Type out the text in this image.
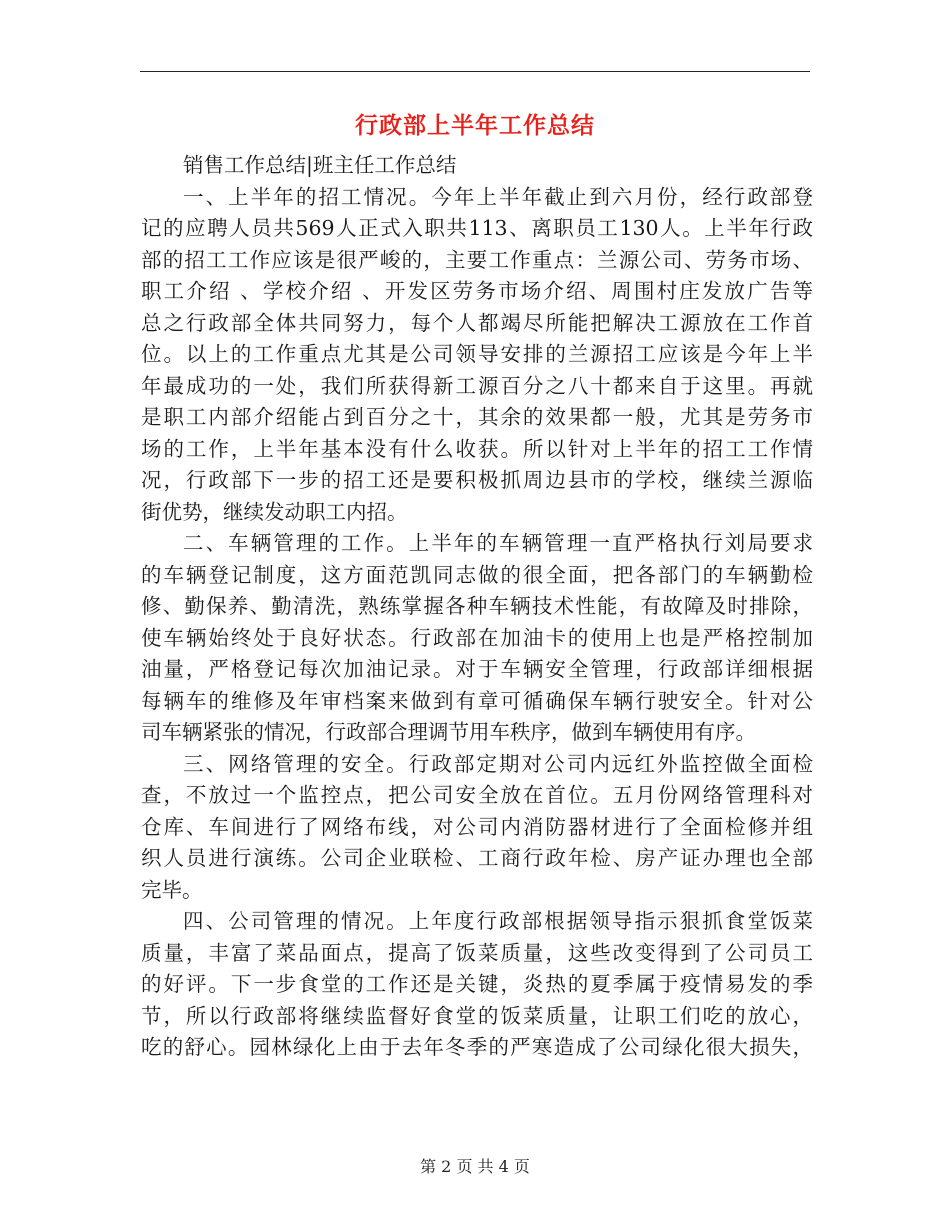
行政部上半年工作总结
销售工作总结|班主任工作总结
一、上半年的招工情况。今年上半年截止到六月份，经行政部登
记的应聘人员共569人正式入职共113、离职员工130人。上半年行政
部的招工工作应该是很严峻的，主要工作重点：兰源公司、劳务市场、
职工介绍 、学校介绍 、开发区劳务市场介绍、周围村庄发放广告等
总之行政部全体共同努力，每个人都竭尽所能把解决工源放在工作首
位。以上的工作重点尤其是公司领导安排的兰源招工应该是今年上半
年最成功的一处，我们所获得新工源百分之八十都来自于这里。再就
是职工内部介绍能占到百分之十，其余的效果都一般，尤其是劳务市
场的工作，上半年基本没有什么收获。所以针对上半年的招工工作情
况，行政部下一步的招工还是要积极抓周边县市的学校，继续兰源临
街优势，继续发动职工内招。
二、车辆管理的工作。上半年的车辆管理一直严格执行刘局要求
的车辆登记制度，这方面范凯同志做的很全面，把各部门的车辆勤检
修、勤保养、勤清洗，熟练掌握各种车辆技术性能，有故障及时排除，
使车辆始终处于良好状态。行政部在加油卡的使用上也是严格控制加
油量，严格登记每次加油记录。对于车辆安全管理，行政部详细根据
每辆车的维修及年审档案来做到有章可循确保车辆行驶安全。针对公
司车辆紧张的情况，行政部合理调节用车秩序，做到车辆使用有序。
三、网络管理的安全。行政部定期对公司内远红外监控做全面检
查，不放过一个监控点，把公司安全放在首位。五月份网络管理科对
仓库、车间进行了网络布线，对公司内消防器材进行了全面检修并组
织人员进行演练。公司企业联检、工商行政年检、房产证办理也全部
完毕。
四、公司管理的情况。上年度行政部根据领导指示狠抓食堂饭菜
质量，丰富了菜品面点，提高了饭菜质量，这些改变得到了公司员工
的好评。下一步食堂的工作还是关键，炎热的夏季属于疫情易发的季
节，所以行政部将继续监督好食堂的饭菜质量，让职工们吃的放心，
吃的舒心。园林绿化上由于去年冬季的严寒造成了公司绿化很大损失，
第 2 页 共 4 页
